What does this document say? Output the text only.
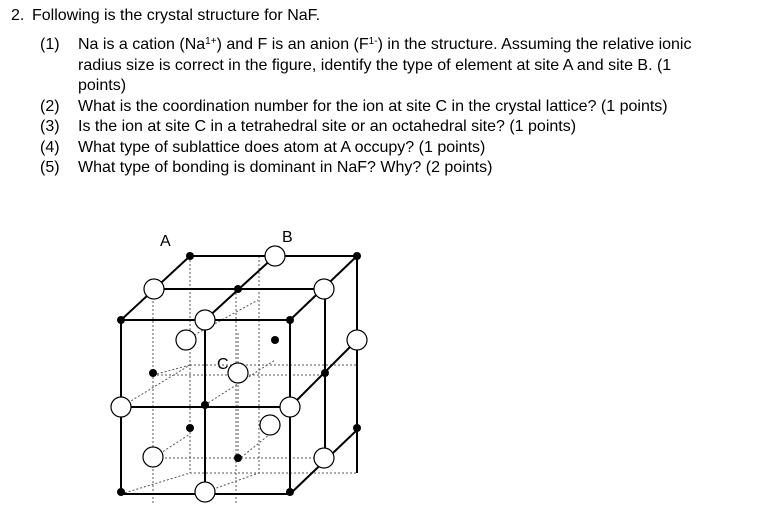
2. Following is the crystal structure for NaF.
(1) Na is a cation $(Na^{1+})$ and F is an anion $(F^{1-})$ in the structure. Assuming the relative ionic
radius size is correct in the figure, identify the type of element at site A and site B. (1
points)
(2) What is the coordination number for the ion at site C in the crystal lattice? (1 points)
(3) Is the ion at site C in a tetrahedral site or an octahedral site? (1 points)
(4) What type of sublattice does atom at A occupy? (1 points)
(5) What type of bonding is dominant in NaF? Why? (2 points)
A	B
C
